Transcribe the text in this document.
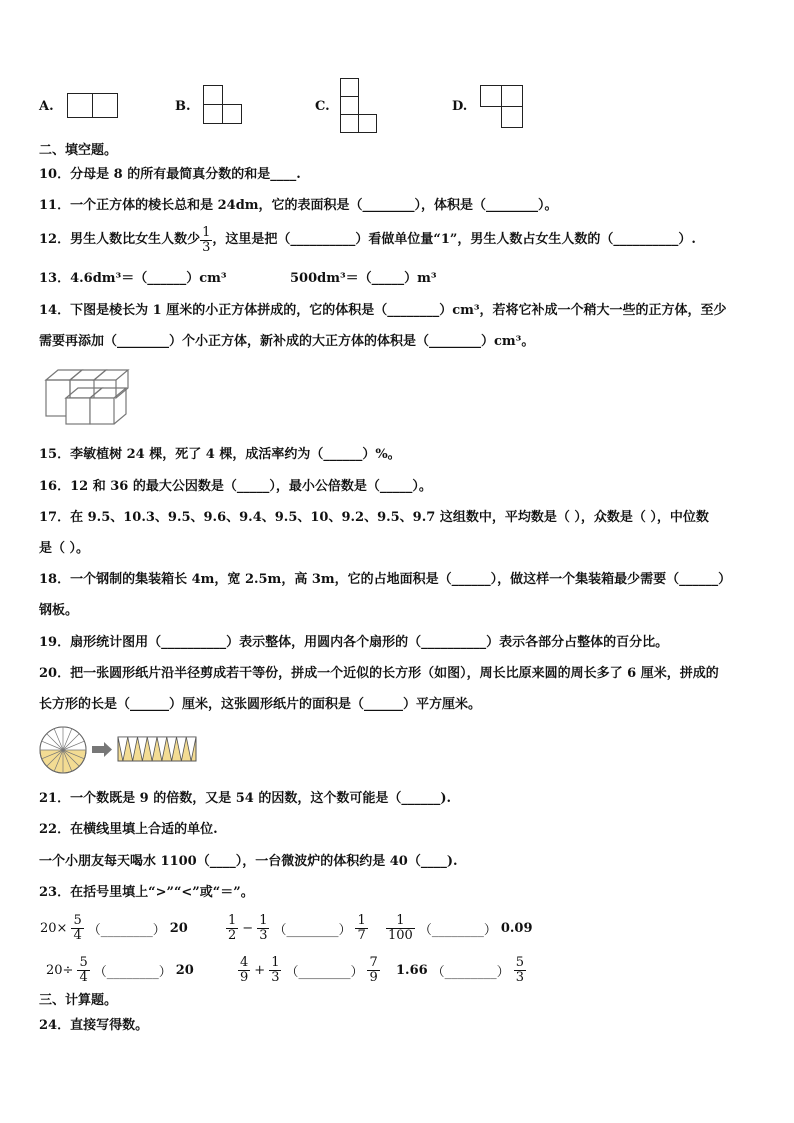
A.	B.	C.	D.
二、填空题。
10．分母是 8 的所有最简真分数的和是____.
11．一个正方体的棱长总和是 24dm，它的表面积是（________），体积是（________）。
12．男生人数比女生人数少 $\frac{1}{3}$ ，这里是把（__________）看做单位量“1”，男生人数占女生人数的（__________）.
13．4.6dm³＝（______）cm³	500dm³＝（_____）m³
14．下图是棱长为 1 厘米的小正方体拼成的，它的体积是（________）cm³，若将它补成一个稍大一些的正方体，至少
需要再添加（________）个小正方体，新补成的大正方体的体积是（________）cm³。
15．李敏植树 24 棵，死了 4 棵，成活率约为（______）%。
16．12 和 36 的最大公因数是（_____），最小公倍数是（_____）。
17．在 9.5、10.3、9.5、9.6、9.4、9.5、10、9.2、9.5、9.7 这组数中，平均数是（ ），众数是（ ），中位数
是（ ）。
18．一个钢制的集装箱长 4m，宽 2.5m，高 3m，它的占地面积是（______），做这样一个集装箱最少需要（______）
钢板。
19．扇形统计图用（__________）表示整体，用圆内各个扇形的（__________）表示各部分占整体的百分比。
20．把一张圆形纸片沿半径剪成若干等份，拼成一个近似的长方形（如图），周长比原来圆的周长多了 6 厘米，拼成的
长方形的长是（______）厘米，这张圆形纸片的面积是（______）平方厘米。
21．一个数既是 9 的倍数，又是 54 的因数，这个数可能是（______).
22．在横线里填上合适的单位.
一个小朋友每天喝水 1100（____），一台微波炉的体积约是 40（____).
23．在括号里填上“>”“<”或“＝”。
$20\times \frac{5}{4}$ （________） 20	$\frac{1}{2} - \frac{1}{3}$ （________） $\frac{1}{7} \frac{1}{100}$ （________） 0.09
$20\div \frac{5}{4}$ （________） 20	$\frac{4}{9} + \frac{1}{3}$ （________） $\frac{7}{9} 1.66$ （________） $\frac{5}{3}$
三、计算题。
24．直接写得数。
